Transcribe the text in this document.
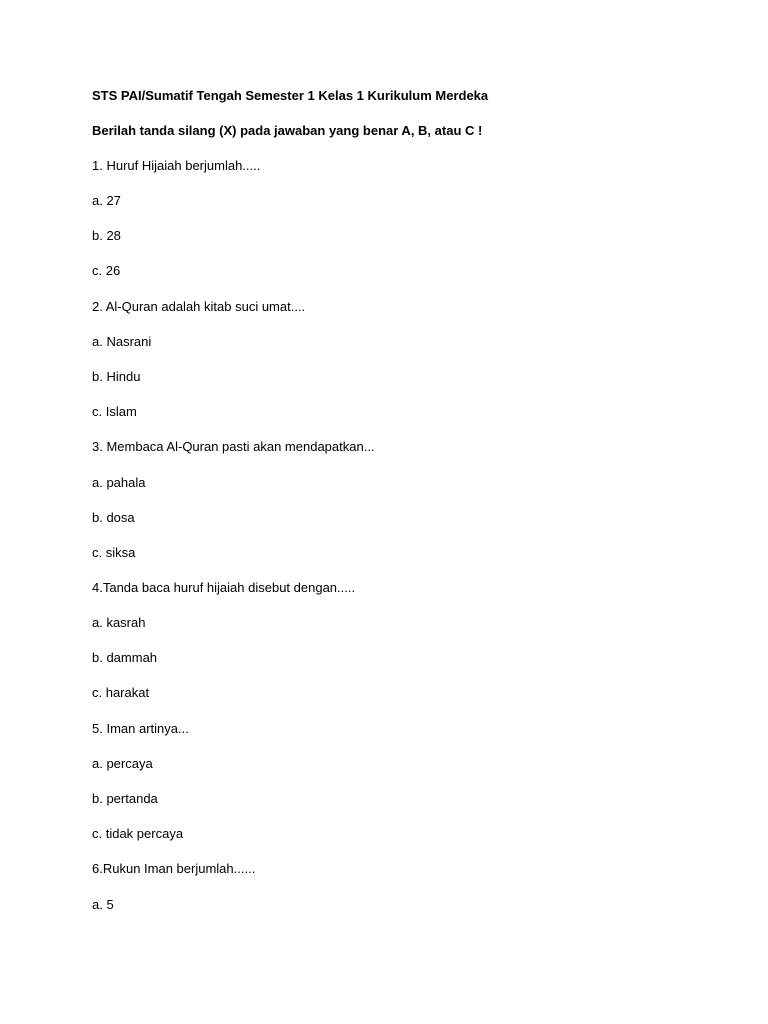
STS PAI/Sumatif Tengah Semester 1 Kelas 1 Kurikulum Merdeka
Berilah tanda silang (X) pada jawaban yang benar A, B, atau C !
1. Huruf Hijaiah berjumlah.....
a. 27
b. 28
c. 26
2. Al-Quran adalah kitab suci umat....
a. Nasrani
b. Hindu
c. Islam
3. Membaca Al-Quran pasti akan mendapatkan...
a. pahala
b. dosa
c. siksa
4.Tanda baca huruf hijaiah disebut dengan.....
a. kasrah
b. dammah
c. harakat
5. Iman artinya...
a. percaya
b. pertanda
c. tidak percaya
6.Rukun Iman berjumlah......
a. 5
